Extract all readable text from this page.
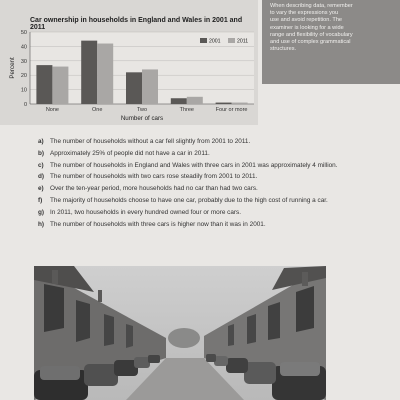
Car ownership in households in England and Wales in 2001 and 2011
0
10
20
30
40
50
None	One	Two	Three	Four or more
Number of cars
Percent
2001	2011
When describing data, remember
to vary the expressions you
use and avoid repetition. The
examiner is looking for a wide
range and flexibility of vocabulary
and use of complex grammatical
structures.
a) The number of households without a car fell slightly from 2001 to 2011.
b) Approximately 25% of people did not have a car in 2011.
c) The number of households in England and Wales with three cars in 2001 was approximately 4 million.
d) The number of households with two cars rose steadily from 2001 to 2011.
e) Over the ten-year period, more households had no car than had two cars.
f) The majority of households choose to have one car, probably due to the high cost of running a car.
g) In 2011, two households in every hundred owned four or more cars.
h) The number of households with three cars is higher now than it was in 2001.
